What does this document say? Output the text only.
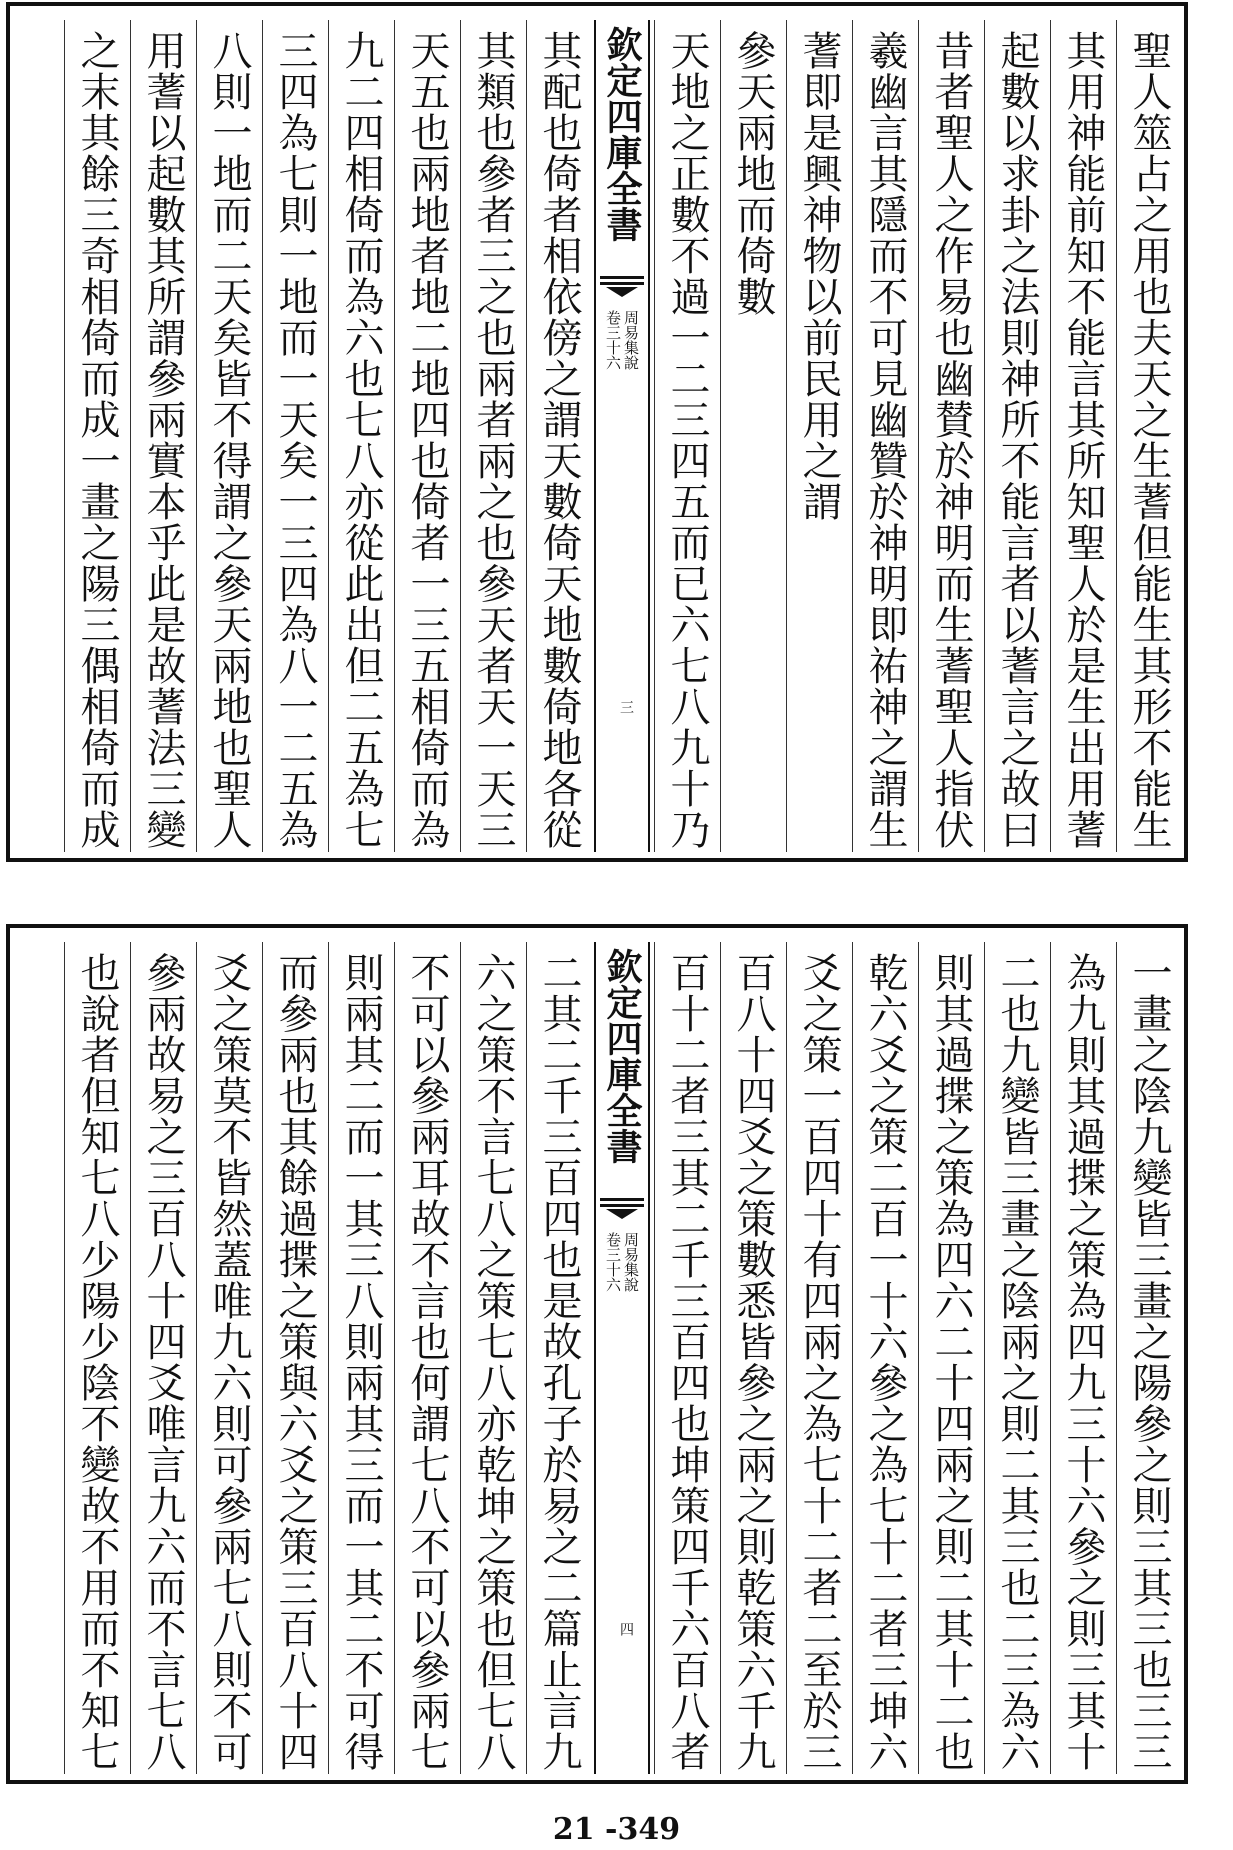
聖人筮占之用也夫天之生蓍但能生其形不能生
其用神能前知不能言其所知聖人於是生出用蓍
起數以求卦之法則神所不能言者以蓍言之故曰
昔者聖人之作易也幽賛於神明而生蓍聖人指伏
羲幽言其隱而不可見幽贊於神明即祐神之謂生
蓍即是興神物以前民用之謂
參天兩地而倚數
天地之正數不過一二三四五而已六七八九十乃
欽定四庫全書
周易集說
卷三十六
三
其配也倚者相依傍之謂天數倚天地數倚地各從
其類也參者三之也兩者兩之也參天者天一天三
天五也兩地者地二地四也倚者一三五相倚而為
九二四相倚而為六也七八亦從此出但二五為七
三四為七則一地而一天矣一三四為八一二五為
八則一地而二天矣皆不得謂之參天兩地也聖人
用蓍以起數其所謂參兩實本乎此是故蓍法三變
之末其餘三奇相倚而成一畫之陽三偶相倚而成
一畫之陰九變皆三畫之陽參之則三其三也三三
為九則其過揲之策為四九三十六參之則三其十
二也九變皆三畫之陰兩之則二其三也二三為六
則其過揲之策為四六二十四兩之則二其十二也
乾六爻之策二百一十六參之為七十二者三坤六
爻之策一百四十有四兩之為七十二者二至於三
百八十四爻之策數悉皆參之兩之則乾策六千九
百十二者三其二千三百四也坤策四千六百八者
欽定四庫全書
周易集說
卷三十六
四
二其二千三百四也是故孔子於易之二篇止言九
六之策不言七八之策七八亦乾坤之策也但七八
不可以參兩耳故不言也何謂七八不可以參兩七
則兩其二而一其三八則兩其三而一其二不可得
而參兩也其餘過揲之策與六爻之策三百八十四
爻之策莫不皆然蓋唯九六則可參兩七八則不可
參兩故易之三百八十四爻唯言九六而不言七八
也說者但知七八少陽少陰不變故不用而不知七
21 -349
